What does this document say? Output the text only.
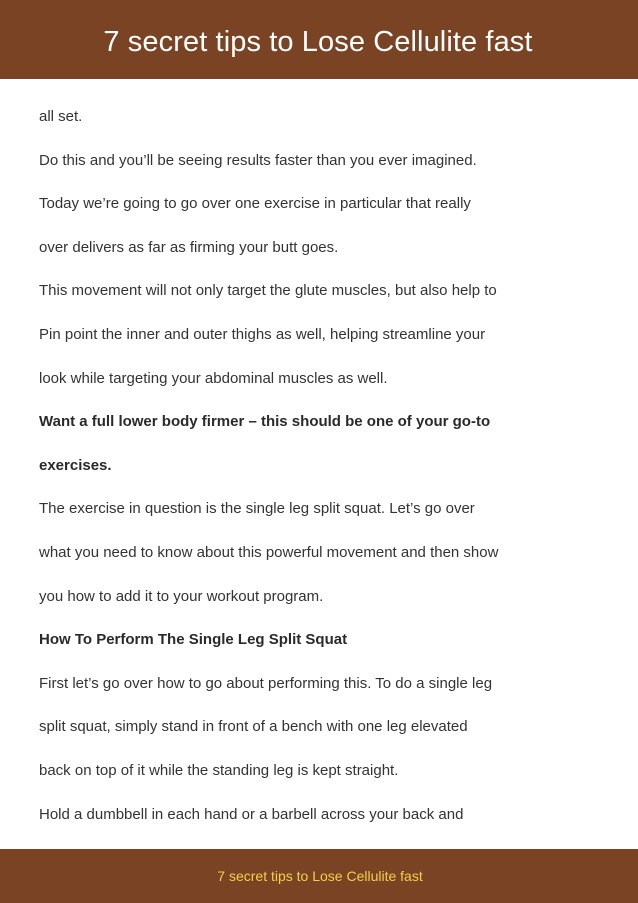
7 secret tips to Lose Cellulite fast

all set.

Do this and you’ll be seeing results faster than you ever imagined.

Today we’re going to go over one exercise in particular that really

over delivers as far as firming your butt goes.

This movement will not only target the glute muscles, but also help to

Pin point the inner and outer thighs as well, helping streamline your

look while targeting your abdominal muscles as well.

Want a full lower body firmer – this should be one of your go-to

exercises.

The exercise in question is the single leg split squat. Let’s go over

what you need to know about this powerful movement and then show

you how to add it to your workout program.

How To Perform The Single Leg Split Squat

First let’s go over how to go about performing this. To do a single leg

split squat, simply stand in front of a bench with one leg elevated

back on top of it while the standing leg is kept straight.

Hold a dumbbell in each hand or a barbell across your back and

7 secret tips to Lose Cellulite fast
